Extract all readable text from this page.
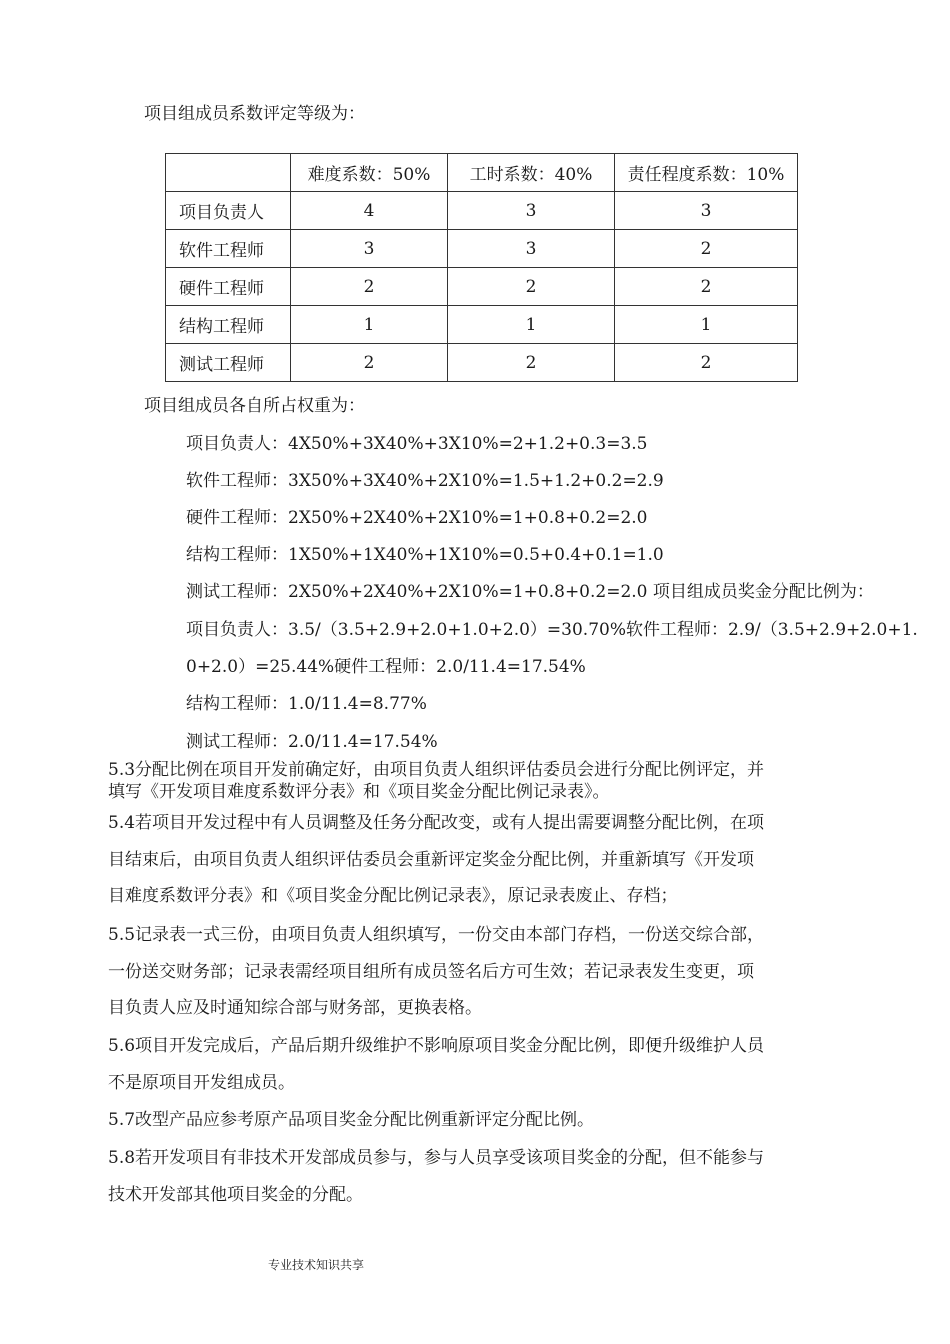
项目组成员系数评定等级为：
	难度系数：50%	工时系数：40%	责任程度系数：10%
项目负责人	4	3	3
软件工程师	3	3	2
硬件工程师	2	2	2
结构工程师	1	1	1
测试工程师	2	2	2
项目组成员各自所占权重为：
项目负责人：4X50%+3X40%+3X10%=2+1.2+0.3=3.5
软件工程师：3X50%+3X40%+2X10%=1.5+1.2+0.2=2.9
硬件工程师：2X50%+2X40%+2X10%=1+0.8+0.2=2.0
结构工程师：1X50%+1X40%+1X10%=0.5+0.4+0.1=1.0
测试工程师：2X50%+2X40%+2X10%=1+0.8+0.2=2.0 项目组成员奖金分配比例为：
项目负责人：3.5/（3.5+2.9+2.0+1.0+2.0）=30.70%软件工程师：2.9/（3.5+2.9+2.0+1.
0+2.0）=25.44%硬件工程师：2.0/11.4=17.54%
结构工程师：1.0/11.4=8.77%
测试工程师：2.0/11.4=17.54%
5.3分配比例在项目开发前确定好，由项目负责人组织评估委员会进行分配比例评定，并
填写《开发项目难度系数评分表》和《项目奖金分配比例记录表》。
5.4若项目开发过程中有人员调整及任务分配改变，或有人提出需要调整分配比例，在项
目结束后，由项目负责人组织评估委员会重新评定奖金分配比例，并重新填写《开发项
目难度系数评分表》和《项目奖金分配比例记录表》，原记录表废止、存档；
5.5记录表一式三份，由项目负责人组织填写，一份交由本部门存档，一份送交综合部，
一份送交财务部；记录表需经项目组所有成员签名后方可生效；若记录表发生变更，项
目负责人应及时通知综合部与财务部，更换表格。
5.6项目开发完成后，产品后期升级维护不影响原项目奖金分配比例，即便升级维护人员
不是原项目开发组成员。
5.7改型产品应参考原产品项目奖金分配比例重新评定分配比例。
5.8若开发项目有非技术开发部成员参与，参与人员享受该项目奖金的分配，但不能参与
技术开发部其他项目奖金的分配。
专业技术知识共享
